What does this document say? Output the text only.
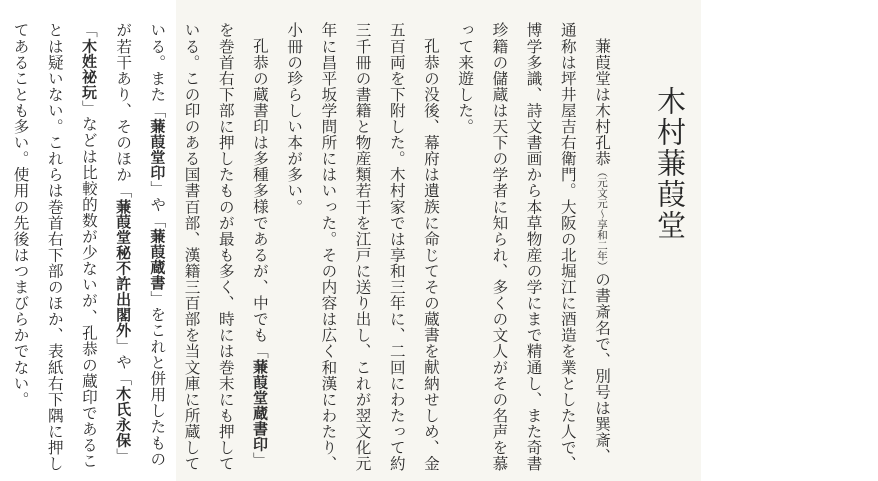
木村蒹葭堂

蒹葭堂は木村孔恭（元文元〜享和二年）の書斎名で、別号は巽斎、通称は坪井屋吉右衛門。大阪の北堀江に酒造を業とした人で、博学多識、詩文書画から本草物産の学にまで精通し、また奇書珍籍の儲蔵は天下の学者に知られ、多くの文人がその名声を慕って来遊した。

孔恭の没後、幕府は遺族に命じてその蔵書を献納せしめ、金五百両を下附した。木村家では享和三年に、二回にわたって約三千冊の書籍と物産類若干を江戸に送り出し、これが翌文化元年に昌平坂学問所にはいった。その内容は広く和漢にわたり、小冊の珍らしい本が多い。

孔恭の蔵書印は多種多様であるが、中でも「蒹葭堂蔵書印」を巻首右下部に押したものが最も多く、時には巻末にも押している。この印のある国書百部、漢籍三百部を当文庫に所蔵している。また「蒹葭堂印」や「蒹葭蔵書」をこれと併用したものが若干あり、そのほか「蒹葭堂秘不許出閣外」や「木氏永保」「木姓祕玩」などは比較的数が少ないが、孔恭の蔵印であることは疑いない。これらは巻首右下部のほか、表紙右下隅に押してあることも多い。使用の先後はつまびらかでない。
